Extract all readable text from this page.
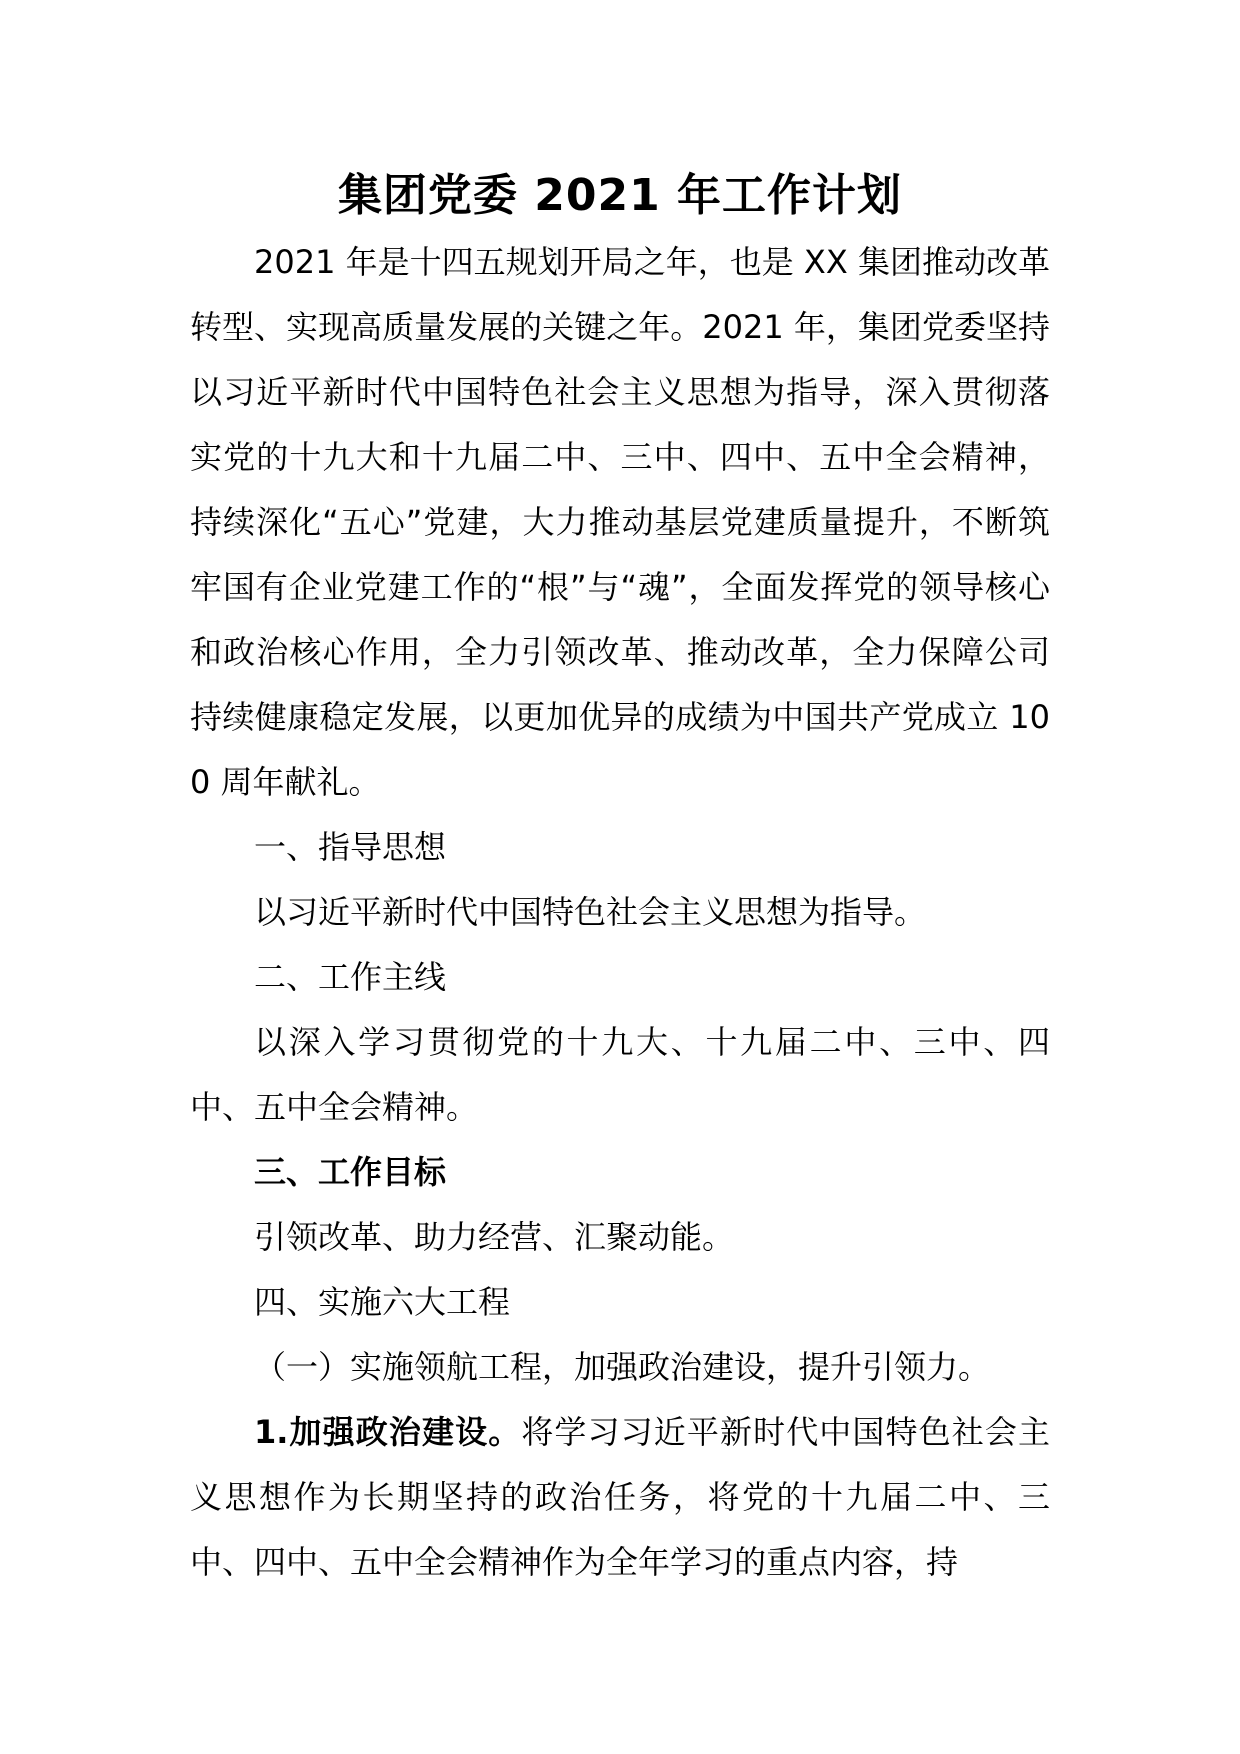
集团党委 2021 年工作计划

2021 年是十四五规划开局之年，也是 XX 集团推动改革转型、实现高质量发展的关键之年。2021 年，集团党委坚持以习近平新时代中国特色社会主义思想为指导，深入贯彻落实党的十九大和十九届二中、三中、四中、五中全会精神，持续深化“五心”党建，大力推动基层党建质量提升，不断筑牢国有企业党建工作的“根”与“魂”，全面发挥党的领导核心和政治核心作用，全力引领改革、推动改革，全力保障公司持续健康稳定发展，以更加优异的成绩为中国共产党成立 100 周年献礼。

一、指导思想

以习近平新时代中国特色社会主义思想为指导。

二、工作主线

以深入学习贯彻党的十九大、十九届二中、三中、四中、五中全会精神。

三、工作目标

引领改革、助力经营、汇聚动能。

四、实施六大工程

（一）实施领航工程，加强政治建设，提升引领力。

1.加强政治建设。将学习习近平新时代中国特色社会主义思想作为长期坚持的政治任务，将党的十九届二中、三中、四中、五中全会精神作为全年学习的重点内容，持
